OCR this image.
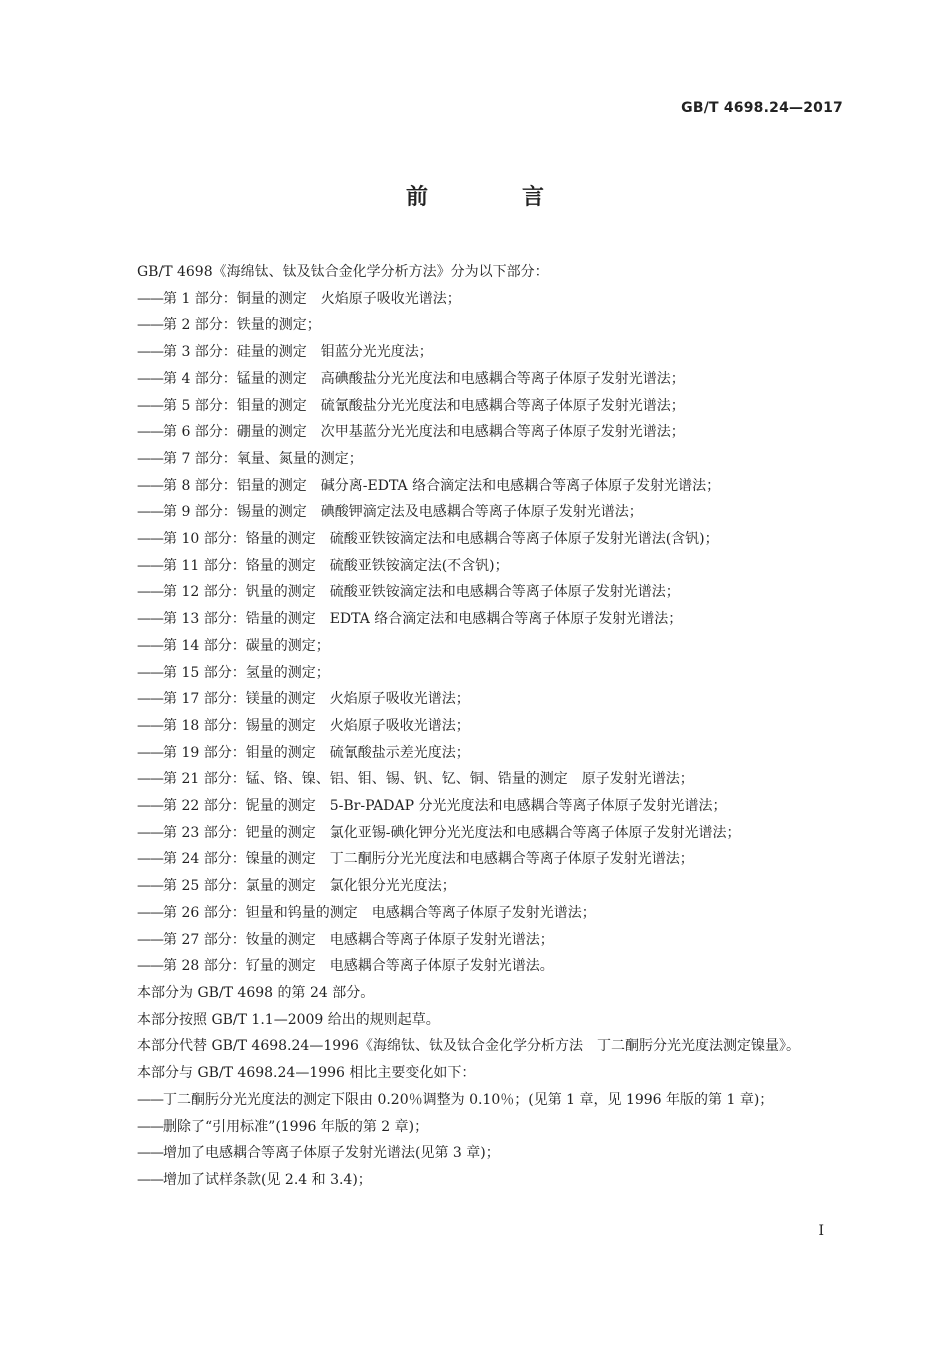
GB/T 4698.24—2017
前　言

GB/T 4698《海绵钛、钛及钛合金化学分析方法》分为以下部分：

——第 1 部分：铜量的测定　火焰原子吸收光谱法；

——第 2 部分：铁量的测定；

——第 3 部分：硅量的测定　钼蓝分光光度法；

——第 4 部分：锰量的测定　高碘酸盐分光光度法和电感耦合等离子体原子发射光谱法；

——第 5 部分：钼量的测定　硫氰酸盐分光光度法和电感耦合等离子体原子发射光谱法；

——第 6 部分：硼量的测定　次甲基蓝分光光度法和电感耦合等离子体原子发射光谱法；

——第 7 部分：氧量、氮量的测定；

——第 8 部分：铝量的测定　碱分离-EDTA 络合滴定法和电感耦合等离子体原子发射光谱法；

——第 9 部分：锡量的测定　碘酸钾滴定法及电感耦合等离子体原子发射光谱法；

——第 10 部分：铬量的测定　硫酸亚铁铵滴定法和电感耦合等离子体原子发射光谱法(含钒)；

——第 11 部分：铬量的测定　硫酸亚铁铵滴定法(不含钒)；

——第 12 部分：钒量的测定　硫酸亚铁铵滴定法和电感耦合等离子体原子发射光谱法；

——第 13 部分：锆量的测定　EDTA 络合滴定法和电感耦合等离子体原子发射光谱法；

——第 14 部分：碳量的测定；

——第 15 部分：氢量的测定；

——第 17 部分：镁量的测定　火焰原子吸收光谱法；

——第 18 部分：锡量的测定　火焰原子吸收光谱法；

——第 19 部分：钼量的测定　硫氰酸盐示差光度法；

——第 21 部分：锰、铬、镍、铝、钼、锡、钒、钇、铜、锆量的测定　原子发射光谱法；

——第 22 部分：铌量的测定　5-Br-PADAP 分光光度法和电感耦合等离子体原子发射光谱法；

——第 23 部分：钯量的测定　氯化亚锡-碘化钾分光光度法和电感耦合等离子体原子发射光谱法；

——第 24 部分：镍量的测定　丁二酮肟分光光度法和电感耦合等离子体原子发射光谱法；

——第 25 部分：氯量的测定　氯化银分光光度法；

——第 26 部分：钽量和钨量的测定　电感耦合等离子体原子发射光谱法；

——第 27 部分：钕量的测定　电感耦合等离子体原子发射光谱法；

——第 28 部分：钌量的测定　电感耦合等离子体原子发射光谱法。

本部分为 GB/T 4698 的第 24 部分。

本部分按照 GB/T 1.1—2009 给出的规则起草。

本部分代替 GB/T 4698.24—1996《海绵钛、钛及钛合金化学分析方法　丁二酮肟分光光度法测定镍量》。

本部分与 GB/T 4698.24—1996 相比主要变化如下：

——丁二酮肟分光光度法的测定下限由 0.20％调整为 0.10％；(见第 1 章，见 1996 年版的第 1 章)；

——删除了“引用标准”(1996 年版的第 2 章)；

——增加了电感耦合等离子体原子发射光谱法(见第 3 章)；

——增加了试样条款(见 2.4 和 3.4)；

Ⅰ
